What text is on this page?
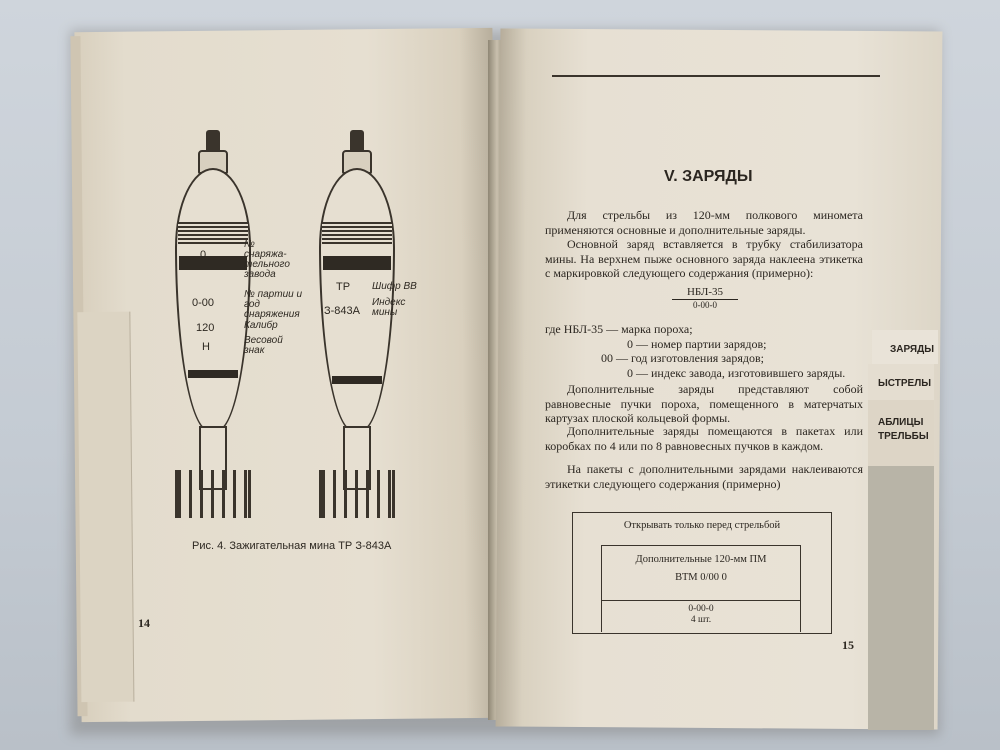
0
№ снаряжа- тельного завода
0-00
№ партии и год снаряжения
120	Калибр
Н
Весовой знак
ТР Шифр ВВ
З-843А
Индекс мины
Рис. 4. Зажигательная мина ТР З-843А
14
V. ЗАРЯДЫ
Для стрельбы из 120-мм полкового миномета применяются основные и дополнительные заряды.
Основной заряд вставляется в трубку стабилизатора мины. На верхнем пыже основного заряда наклеена этикетка с маркировкой следующего содержания (примерно):
НБЛ-35
0-00-0
где НБЛ-35
— марка пороха;
0
— номер партии зарядов;
00
— год изготовления зарядов;
0
— индекс завода, изготовившего заряды.
Дополнительные заряды представляют собой равновесные пучки пороха, помещенного в матерчатых картузах плоской кольцевой формы.
Дополнительные заряды помещаются в пакетах или коробках по 4 или по 8 равновесных пучков в каждом.
На пакеты с дополнительными зарядами наклеиваются этикетки следующего содержания (примерно)
Открывать только перед стрельбой
Дополнительные 120-мм ПМ
ВТМ 0/00 0
0-00-0
4 шт.
15
ЗАРЯДЫ
ЫСТРЕЛЫ
АБЛИЦЫ ТРЕЛЬБЫ
